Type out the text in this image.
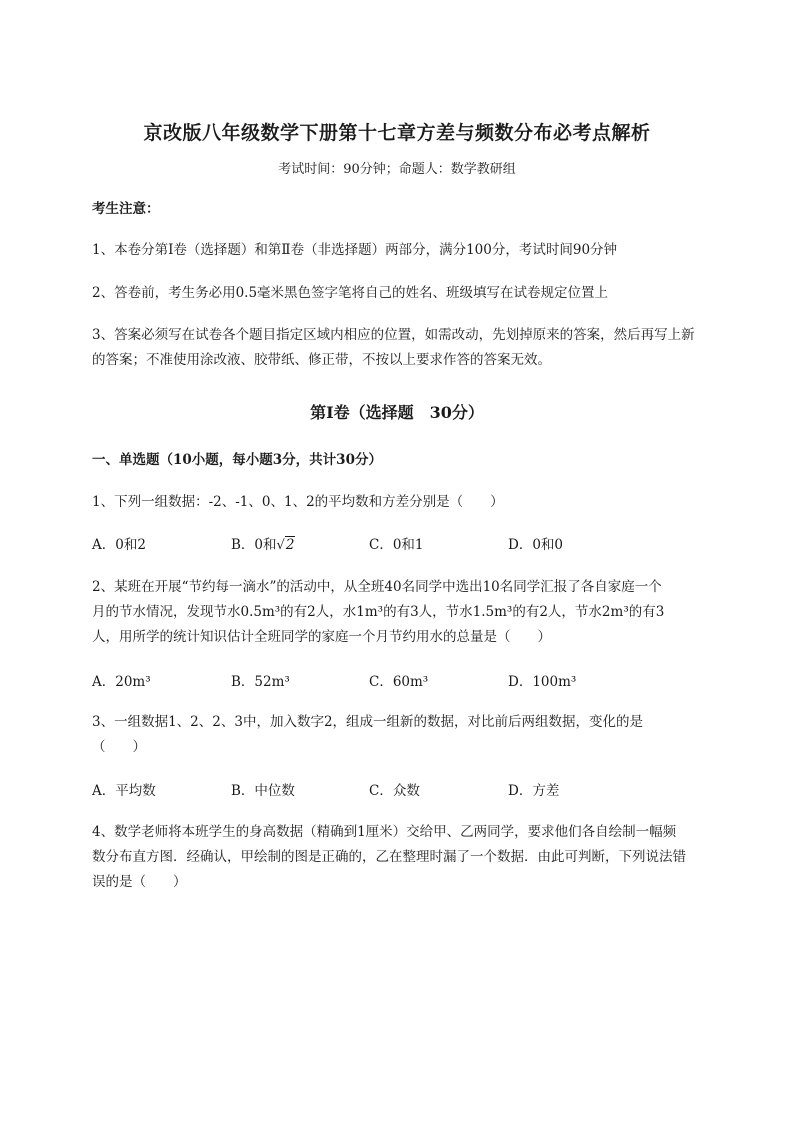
京改版八年级数学下册第十七章方差与频数分布必考点解析
考试时间：90分钟；命题人：数学教研组
考生注意：
1、本卷分第I卷（选择题）和第Ⅱ卷（非选择题）两部分，满分100分，考试时间90分钟
2、答卷前，考生务必用0.5毫米黑色签字笔将自己的姓名、班级填写在试卷规定位置上
3、答案必须写在试卷各个题目指定区域内相应的位置，如需改动，先划掉原来的答案，然后再写上新
的答案；不准使用涂改液、胶带纸、修正带，不按以上要求作答的答案无效。
第I卷（选择题　30分）
一、单选题（10小题，每小题3分，共计30分）
1、下列一组数据：-2、-1、0、1、2的平均数和方差分别是（　　）
A．0和2	B．0和√2	C．0和1	D．0和0
2、某班在开展“节约每一滴水”的活动中，从全班40名同学中选出10名同学汇报了各自家庭一个
月的节水情况，发现节水0.5m³的有2人，水1m³的有3人，节水1.5m³的有2人，节水2m³的有3
人，用所学的统计知识估计全班同学的家庭一个月节约用水的总量是（　　）
A．20m³	B．52m³	C．60m³	D．100m³
3、一组数据1、2、2、3中，加入数字2，组成一组新的数据，对比前后两组数据，变化的是
（　　）
A．平均数	B．中位数	C．众数	D．方差
4、数学老师将本班学生的身高数据（精确到1厘米）交给甲、乙两同学，要求他们各自绘制一幅频
数分布直方图．经确认，甲绘制的图是正确的，乙在整理时漏了一个数据．由此可判断，下列说法错
误的是（　　）
